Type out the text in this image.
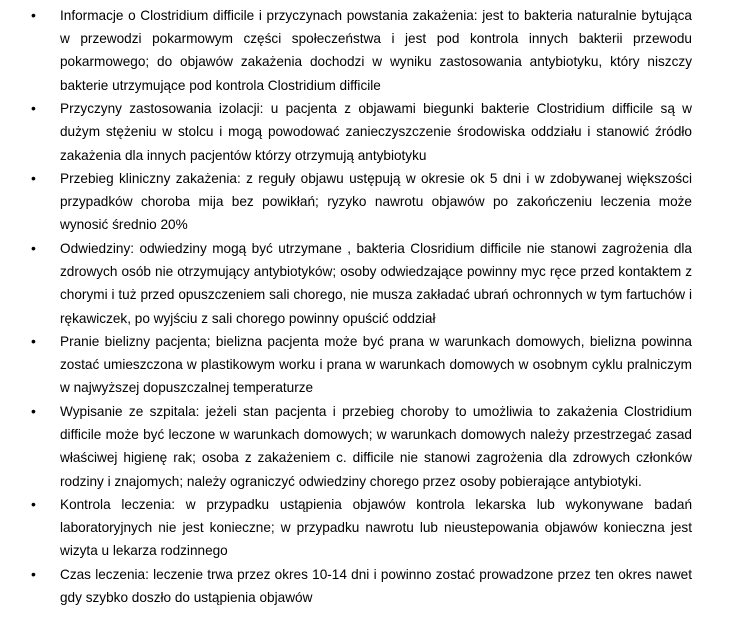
• Informacje o Clostridium difficile i przyczynach powstania zakażenia: jest to bakteria naturalnie bytująca w przewodzi pokarmowym części społeczeństwa i jest pod kontrola innych bakterii przewodu pokarmowego; do objawów zakażenia dochodzi w wyniku zastosowania antybiotyku, który niszczy bakterie utrzymujące pod kontrola Clostridium difficile
• Przyczyny zastosowania izolacji: u pacjenta z objawami biegunki bakterie Clostridium difficile są w dużym stężeniu w stolcu i mogą powodować zanieczyszczenie środowiska oddziału i stanowić źródło zakażenia dla innych pacjentów którzy otrzymują antybiotyku
• Przebieg kliniczny zakażenia: z reguły objawu ustępują w okresie ok 5 dni i w zdobywanej większości przypadków choroba mija bez powikłań; ryzyko nawrotu objawów po zakończeniu leczenia może wynosić średnio 20%
• Odwiedziny: odwiedziny mogą być utrzymane , bakteria Closridium difficile nie stanowi zagrożenia dla zdrowych osób nie otrzymujący antybiotyków; osoby odwiedzające powinny myc ręce przed kontaktem z chorymi i tuż przed opuszczeniem sali chorego, nie musza zakładać ubrań ochronnych w tym fartuchów i rękawiczek, po wyjściu z sali chorego powinny opuścić oddział
• Pranie bielizny pacjenta; bielizna pacjenta może być prana w warunkach domowych, bielizna powinna zostać umieszczona w plastikowym worku i prana w warunkach domowych w osobnym cyklu pralniczym w najwyższej dopuszczalnej temperaturze
• Wypisanie ze szpitala: jeżeli stan pacjenta i przebieg choroby to umożliwia to zakażenia Clostridium difficile może być leczone w warunkach domowych; w warunkach domowych należy przestrzegać zasad właściwej higienę rak; osoba z zakażeniem c. difficile nie stanowi zagrożenia dla zdrowych członków rodziny i znajomych; należy ograniczyć odwiedziny chorego przez osoby pobierające antybiotyki.
• Kontrola leczenia: w przypadku ustąpienia objawów kontrola lekarska lub wykonywane badań laboratoryjnych nie jest konieczne; w przypadku nawrotu lub nieustepowania objawów konieczna jest wizyta u lekarza rodzinnego
• Czas leczenia: leczenie trwa przez okres 10-14 dni i powinno zostać prowadzone przez ten okres nawet gdy szybko doszło do ustąpienia objawów
